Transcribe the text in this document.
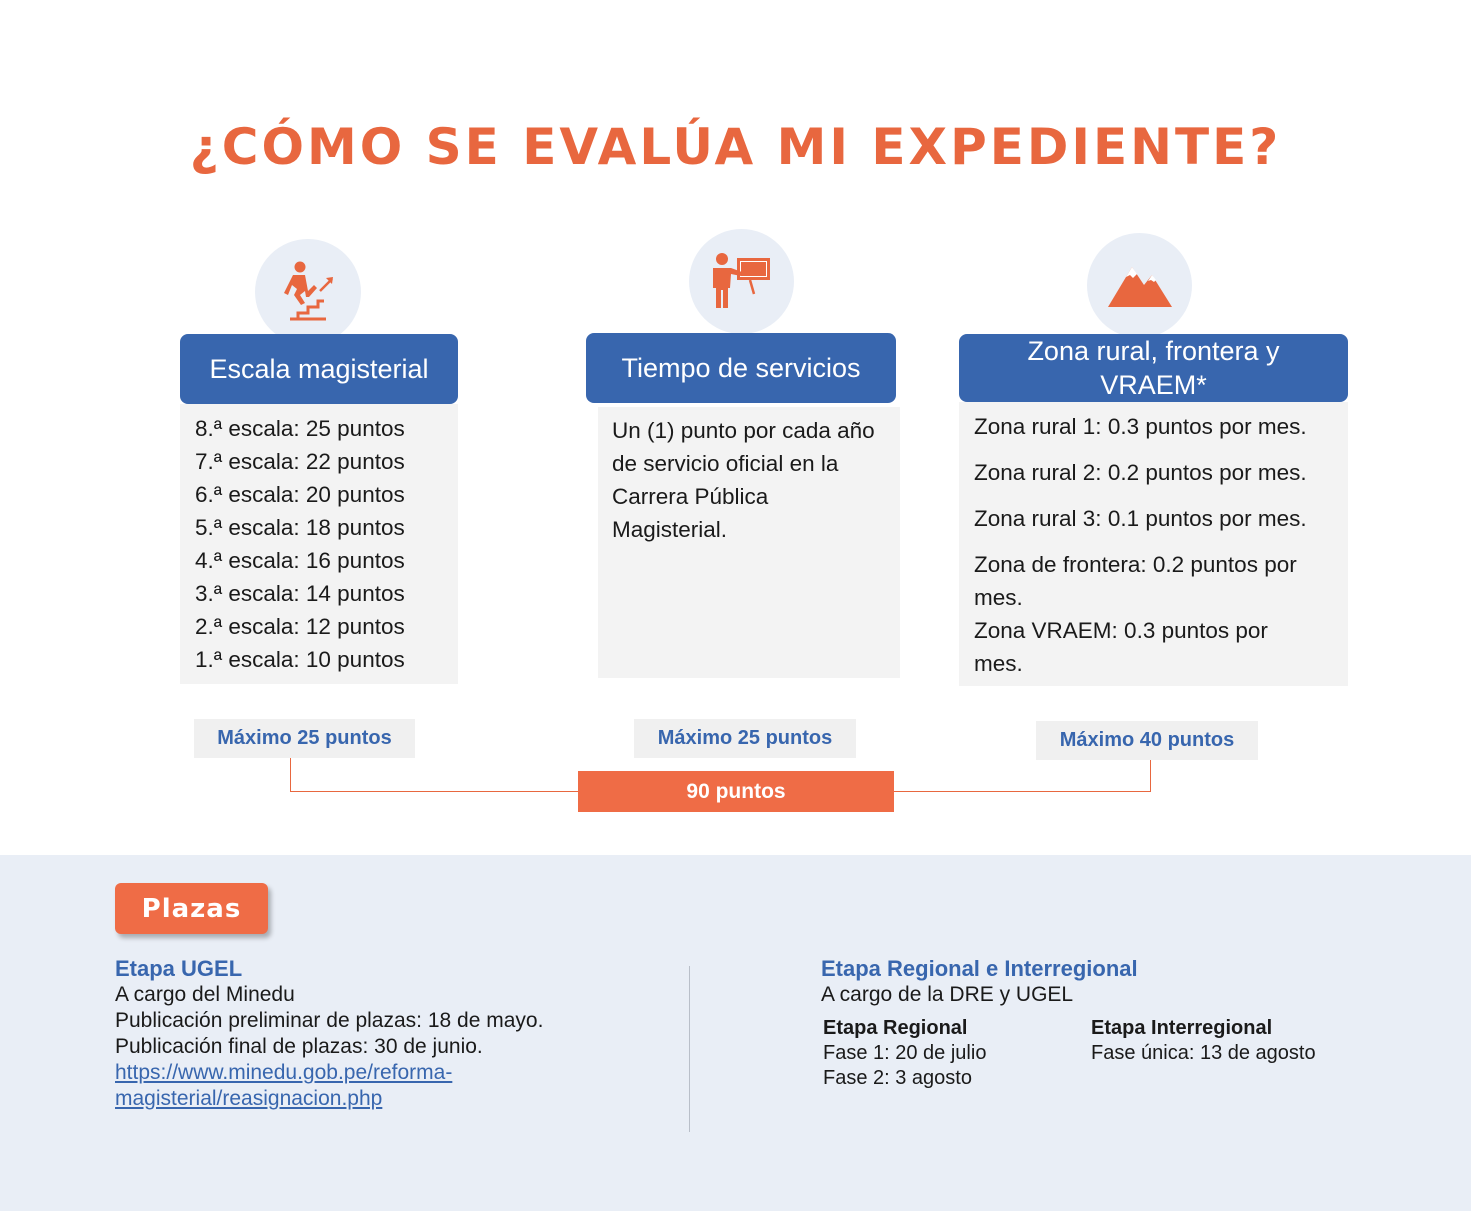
¿CÓMO SE EVALÚA MI EXPEDIENTE?
Escala magisterial
8.ª escala: 25 puntos
7.ª escala: 22 puntos
6.ª escala: 20 puntos
5.ª escala: 18 puntos
4.ª escala: 16 puntos
3.ª escala: 14 puntos
2.ª escala: 12 puntos
1.ª escala: 10 puntos
Máximo 25 puntos
Tiempo de servicios
Un (1) punto por cada año de servicio oficial en la Carrera Pública Magisterial.
Máximo 25 puntos
Zona rural, frontera y VRAEM*
Zona rural 1: 0.3 puntos por mes.
Zona rural 2: 0.2 puntos por mes.
Zona rural 3: 0.1 puntos por mes.
Zona de frontera: 0.2 puntos por mes.
Zona VRAEM: 0.3 puntos por mes.
Máximo 40 puntos
90 puntos
Plazas
Etapa UGEL
A cargo del Minedu
Publicación preliminar de plazas: 18 de mayo.
Publicación final de plazas: 30 de junio.
https://www.minedu.gob.pe/reforma-
magisterial/reasignacion.php
Etapa Regional e Interregional
A cargo de la DRE y UGEL
Etapa Regional
Fase 1: 20 de julio
Fase 2: 3 agosto
Etapa Interregional
Fase única: 13 de agosto
